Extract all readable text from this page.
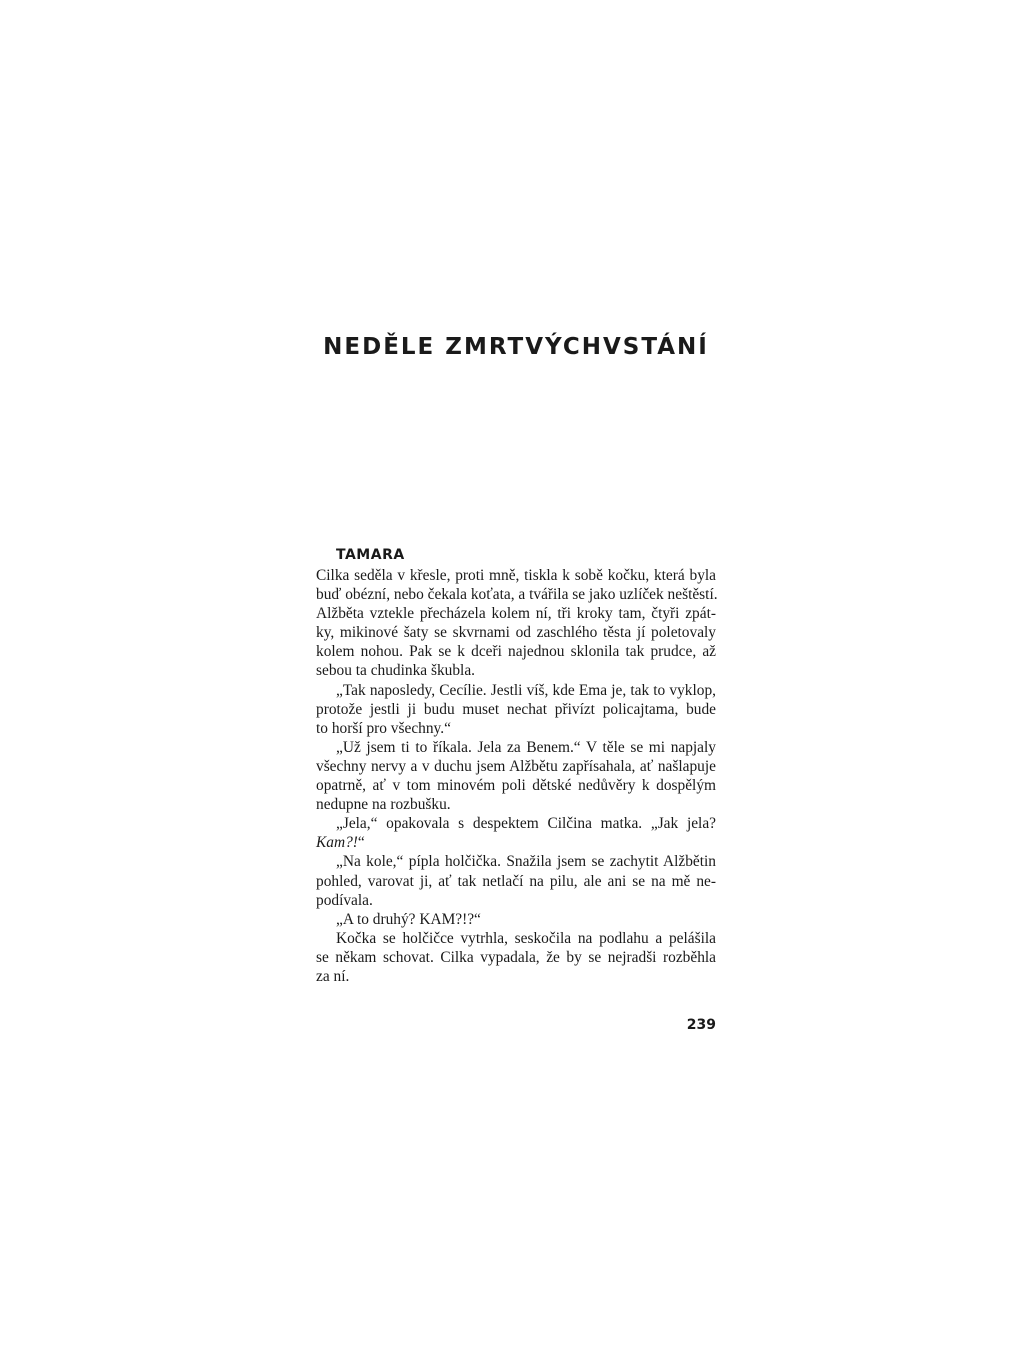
NEDĚLE ZMRTVÝCHVSTÁNÍ
TAMARA
Cilka seděla v křesle, proti mně, tiskla k sobě kočku, která byla
buď obézní, nebo čekala koťata, a tvářila se jako uzlíček neštěstí.
Alžběta vztekle přecházela kolem ní, tři kroky tam, čtyři zpát-
ky, mikinové šaty se skvrnami od zaschlého těsta jí poletovaly
kolem nohou. Pak se k dceři najednou sklonila tak prudce, až
sebou ta chudinka škubla.
„Tak naposledy, Cecílie. Jestli víš, kde Ema je, tak to vyklop,
protože jestli ji budu muset nechat přivízt policajtama, bude
to horší pro všechny.“
„Už jsem ti to říkala. Jela za Benem.“ V těle se mi napjaly
všechny nervy a v duchu jsem Alžbětu zapřísahala, ať našlapuje
opatrně, ať v tom minovém poli dětské nedůvěry k dospělým
nedupne na rozbušku.
„Jela,“ opakovala s despektem Cilčina matka. „Jak jela?
Kam?!“
„Na kole,“ pípla holčička. Snažila jsem se zachytit Alžbětin
pohled, varovat ji, ať tak netlačí na pilu, ale ani se na mě ne-
podívala.
„A to druhý? KAM?!?“
Kočka se holčičce vytrhla, seskočila na podlahu a pelášila
se někam schovat. Cilka vypadala, že by se nejradši rozběhla
za ní.
239
